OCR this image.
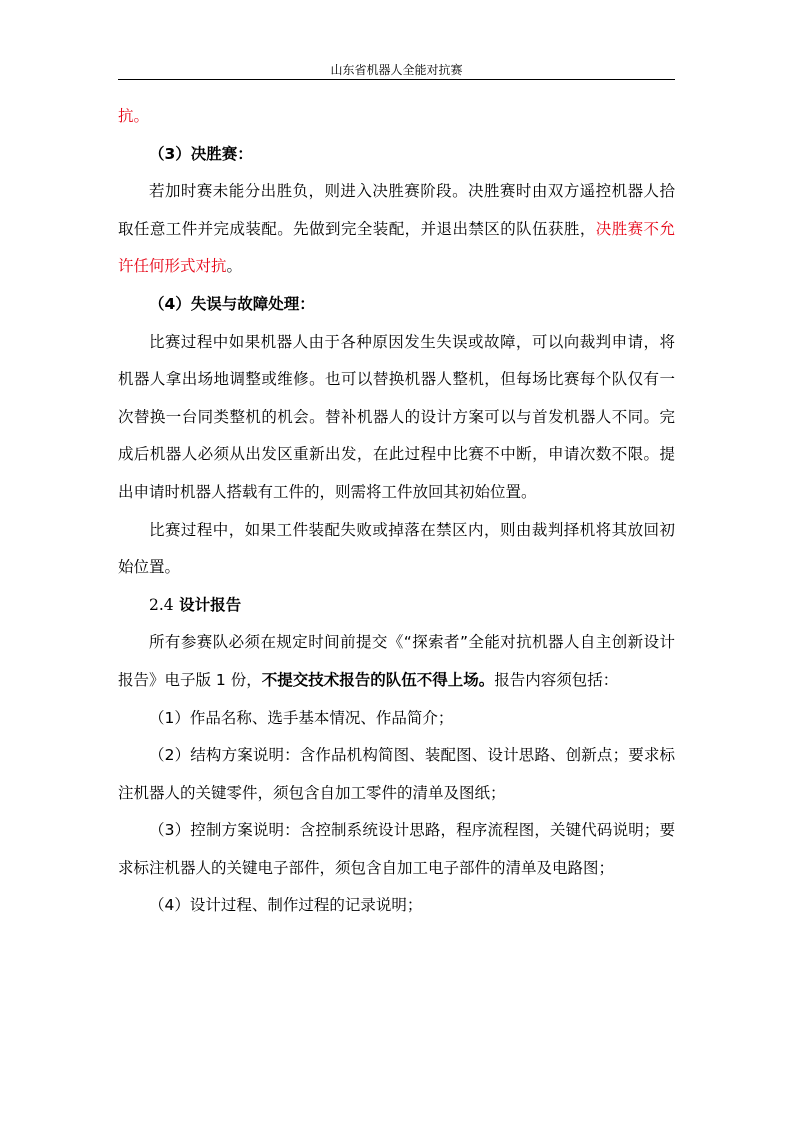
山东省机器人全能对抗赛

抗。

（3）决胜赛：

若加时赛未能分出胜负，则进入决胜赛阶段。决胜赛时由双方遥控机器人拾取任意工件并完成装配。先做到完全装配，并退出禁区的队伍获胜，决胜赛不允许任何形式对抗。

（4）失误与故障处理：

比赛过程中如果机器人由于各种原因发生失误或故障，可以向裁判申请，将机器人拿出场地调整或维修。也可以替换机器人整机，但每场比赛每个队仅有一次替换一台同类整机的机会。替补机器人的设计方案可以与首发机器人不同。完成后机器人必须从出发区重新出发，在此过程中比赛不中断，申请次数不限。提出申请时机器人搭载有工件的，则需将工件放回其初始位置。

比赛过程中，如果工件装配失败或掉落在禁区内，则由裁判择机将其放回初始位置。

2.4 设计报告

所有参赛队必须在规定时间前提交《“探索者”全能对抗机器人自主创新设计报告》电子版 1 份，不提交技术报告的队伍不得上场。报告内容须包括：

（1）作品名称、选手基本情况、作品简介；

（2）结构方案说明：含作品机构简图、装配图、设计思路、创新点；要求标注机器人的关键零件，须包含自加工零件的清单及图纸；

（3）控制方案说明：含控制系统设计思路，程序流程图，关键代码说明；要求标注机器人的关键电子部件，须包含自加工电子部件的清单及电路图；

（4）设计过程、制作过程的记录说明；
